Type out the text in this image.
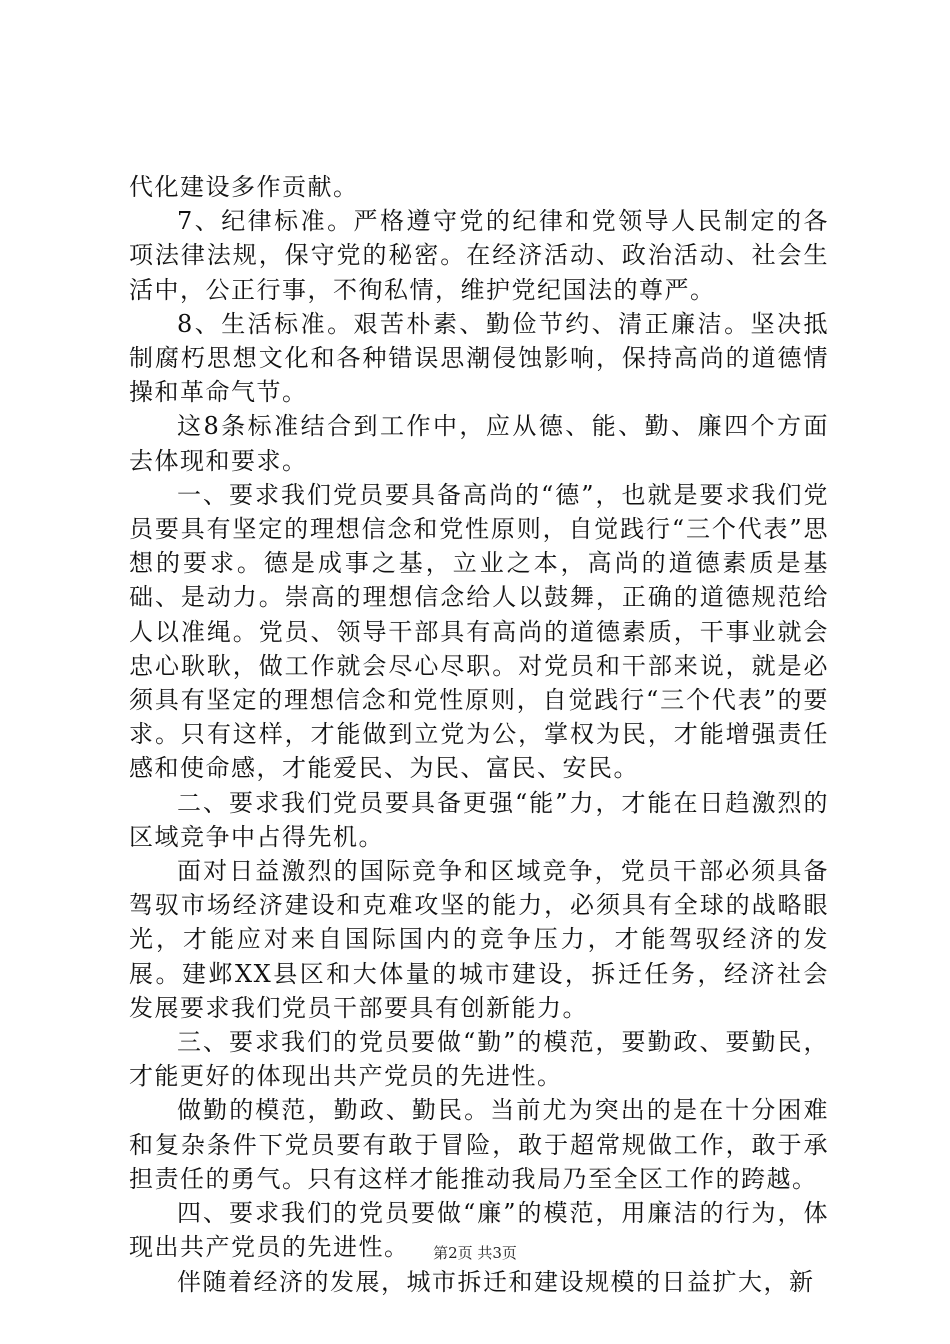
代化建设多作贡献。

7、纪律标准。严格遵守党的纪律和党领导人民制定的各项法律法规，保守党的秘密。在经济活动、政治活动、社会生活中，公正行事，不徇私情，维护党纪国法的尊严。

8、生活标准。艰苦朴素、勤俭节约、清正廉洁。坚决抵制腐朽思想文化和各种错误思潮侵蚀影响，保持高尚的道德情操和革命气节。

这8条标准结合到工作中，应从德、能、勤、廉四个方面去体现和要求。

一、要求我们党员要具备高尚的“德”，也就是要求我们党员要具有坚定的理想信念和党性原则，自觉践行“三个代表”思想的要求。德是成事之基，立业之本，高尚的道德素质是基础、是动力。崇高的理想信念给人以鼓舞，正确的道德规范给人以准绳。党员、领导干部具有高尚的道德素质，干事业就会忠心耿耿，做工作就会尽心尽职。对党员和干部来说，就是必须具有坚定的理想信念和党性原则，自觉践行“三个代表”的要求。只有这样，才能做到立党为公，掌权为民，才能增强责任感和使命感，才能爱民、为民、富民、安民。

二、要求我们党员要具备更强“能”力，才能在日趋激烈的区域竞争中占得先机。

面对日益激烈的国际竞争和区域竞争，党员干部必须具备驾驭市场经济建设和克难攻坚的能力，必须具有全球的战略眼光，才能应对来自国际国内的竞争压力，才能驾驭经济的发展。建邺XX县区和大体量的城市建设，拆迁任务，经济社会发展要求我们党员干部要具有创新能力。

三、要求我们的党员要做“勤”的模范，要勤政、要勤民，才能更好的体现出共产党员的先进性。

做勤的模范，勤政、勤民。当前尤为突出的是在十分困难和复杂条件下党员要有敢于冒险，敢于超常规做工作，敢于承担责任的勇气。只有这样才能推动我局乃至全区工作的跨越。

四、要求我们的党员要做“廉”的模范，用廉洁的行为，体现出共产党员的先进性。

伴随着经济的发展，城市拆迁和建设规模的日益扩大，新

第2页 共3页
